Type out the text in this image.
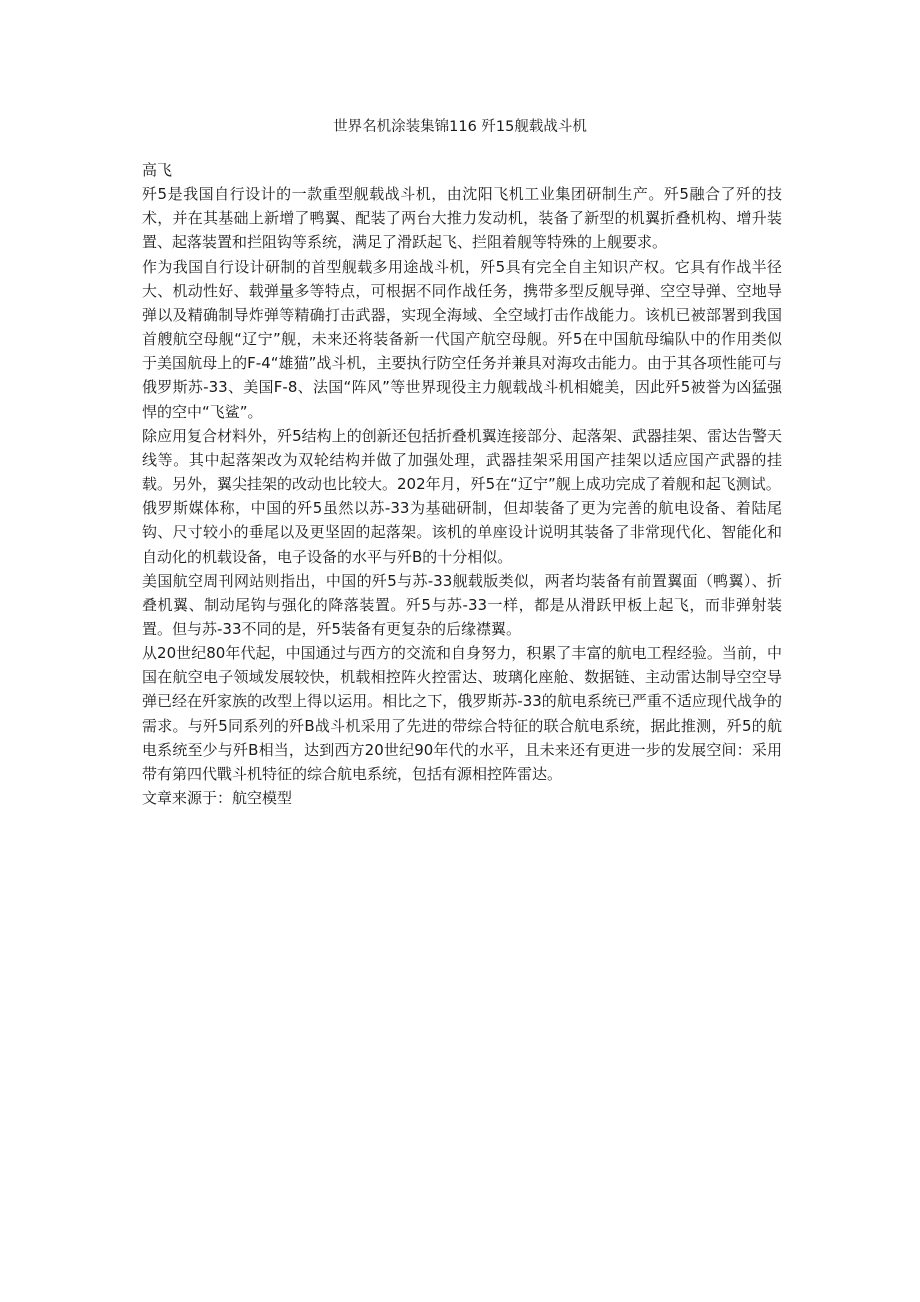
世界名机涂装集锦116 歼15舰载战斗机

高飞

歼5是我国自行设计的一款重型舰载战斗机，由沈阳飞机工业集团研制生产。歼5融合了歼的技术，并在其基础上新增了鸭翼、配装了两台大推力发动机，装备了新型的机翼折叠机构、增升装置、起落装置和拦阻钩等系统，满足了滑跃起飞、拦阻着舰等特殊的上舰要求。

作为我国自行设计研制的首型舰载多用途战斗机，歼5具有完全自主知识产权。它具有作战半径大、机动性好、载弹量多等特点，可根据不同作战任务，携带多型反舰导弹、空空导弹、空地导弹以及精确制导炸弹等精确打击武器，实现全海域、全空域打击作战能力。该机已被部署到我国首艘航空母舰“辽宁”舰，未来还将装备新一代国产航空母舰。歼5在中国航母编队中的作用类似于美国航母上的F-4“雄猫”战斗机，主要执行防空任务并兼具对海攻击能力。由于其各项性能可与俄罗斯苏-33、美国F-8、法国“阵风”等世界现役主力舰载战斗机相媲美，因此歼5被誉为凶猛强悍的空中“飞鲨”。

除应用复合材料外，歼5结构上的创新还包括折叠机翼连接部分、起落架、武器挂架、雷达告警天线等。其中起落架改为双轮结构并做了加强处理，武器挂架采用国产挂架以适应国产武器的挂载。另外，翼尖挂架的改动也比较大。202年月，歼5在“辽宁”舰上成功完成了着舰和起飞测试。

俄罗斯媒体称，中国的歼5虽然以苏-33为基础研制，但却装备了更为完善的航电设备、着陆尾钩、尺寸较小的垂尾以及更坚固的起落架。该机的单座设计说明其装备了非常现代化、智能化和自动化的机载设备，电子设备的水平与歼B的十分相似。

美国航空周刊网站则指出，中国的歼5与苏-33舰载版类似，两者均装备有前置翼面（鸭翼）、折叠机翼、制动尾钩与强化的降落装置。歼5与苏-33一样，都是从滑跃甲板上起飞，而非弹射装置。但与苏-33不同的是，歼5装备有更复杂的后缘襟翼。

从20世纪80年代起，中国通过与西方的交流和自身努力，积累了丰富的航电工程经验。当前，中国在航空电子领域发展较快，机载相控阵火控雷达、玻璃化座舱、数据链、主动雷达制导空空导弹已经在歼家族的改型上得以运用。相比之下，俄罗斯苏-33的航电系统已严重不适应现代战争的需求。与歼5同系列的歼B战斗机采用了先进的带综合特征的联合航电系统，据此推测，歼5的航电系统至少与歼B相当，达到西方20世纪90年代的水平，且未来还有更进一步的发展空间：采用带有第四代戰斗机特征的综合航电系统，包括有源相控阵雷达。

文章来源于：航空模型
